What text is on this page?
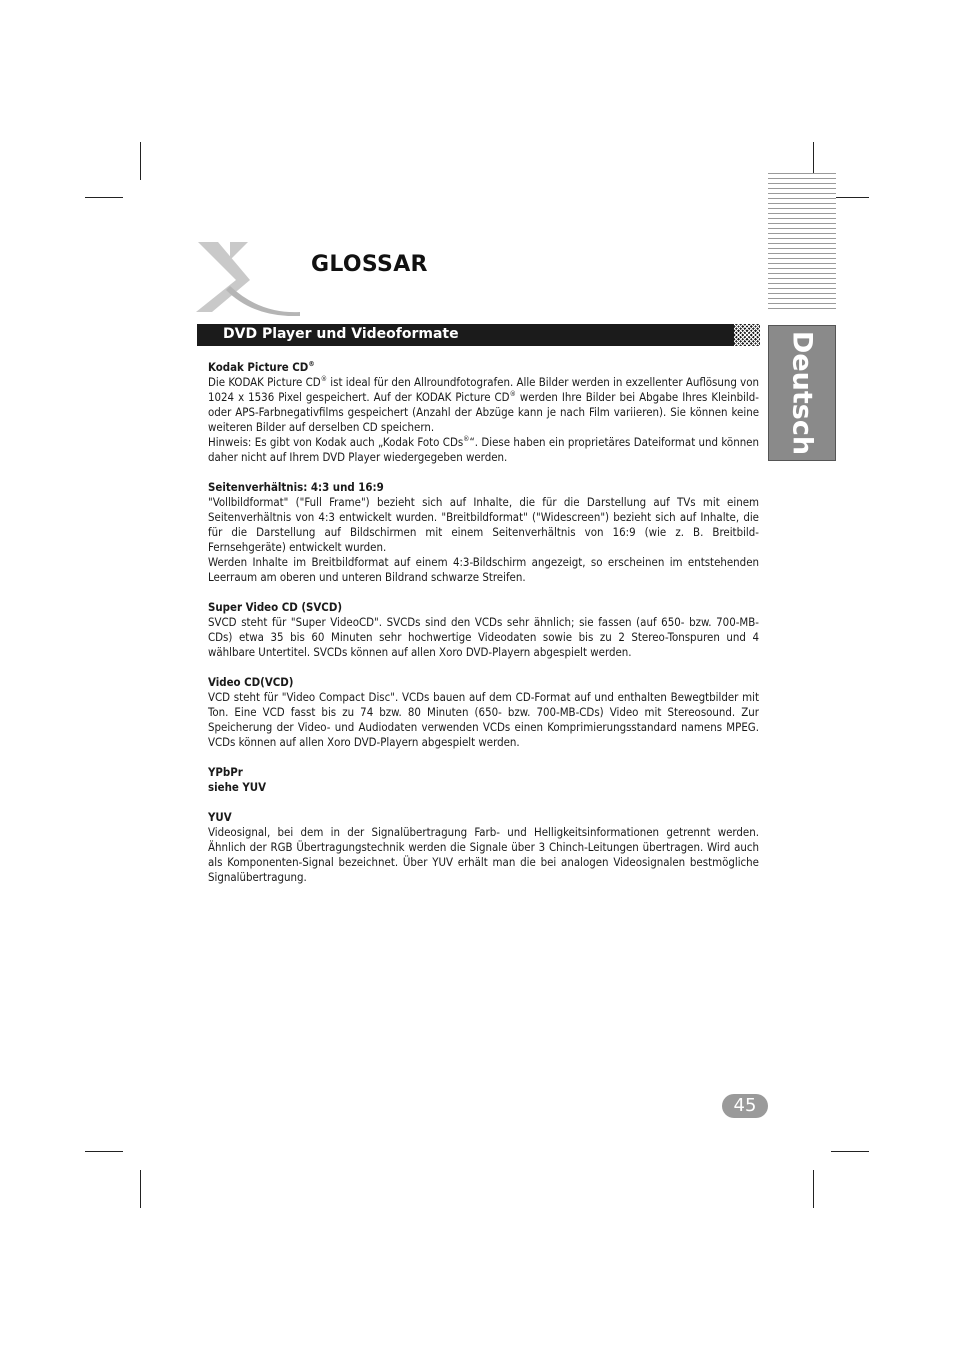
GLOSSAR
DVD Player und Videoformate	Deutsch
Kodak Picture CD®

Die KODAK Picture CD® ist ideal für den Allroundfotografen. Alle Bilder werden in exzellenter Auflösung von 1024 x 1536 Pixel gespeichert. Auf der KODAK Picture CD® werden Ihre Bilder bei Abgabe Ihres Kleinbild- oder APS-Farbnegativfilms gespeichert (Anzahl der Abzüge kann je nach Film variieren). Sie können keine weiteren Bilder auf derselben CD speichern.

Hinweis: Es gibt von Kodak auch „Kodak Foto CDs®“. Diese haben ein proprietäres Dateiformat und können daher nicht auf Ihrem DVD Player wiedergegeben werden.

Seitenverhältnis: 4:3 und 16:9

"Vollbildformat" ("Full Frame") bezieht sich auf Inhalte, die für die Darstellung auf TVs mit einem Seitenverhältnis von 4:3 entwickelt wurden. "Breitbildformat" ("Widescreen") bezieht sich auf Inhalte, die für die Darstellung auf Bildschirmen mit einem Seitenverhältnis von 16:9 (wie z. B. Breitbild-Fernsehgeräte) entwickelt wurden.

Werden Inhalte im Breitbildformat auf einem 4:3-Bildschirm angezeigt, so erscheinen im entstehenden Leerraum am oberen und unteren Bildrand schwarze Streifen.

Super Video CD (SVCD)

SVCD steht für "Super VideoCD". SVCDs sind den VCDs sehr ähnlich; sie fassen (auf 650- bzw. 700-MB-CDs) etwa 35 bis 60 Minuten sehr hochwertige Videodaten sowie bis zu 2 Stereo-Tonspuren und 4 wählbare Untertitel. SVCDs können auf allen Xoro DVD-Playern abgespielt werden.

Video CD(VCD)

VCD steht für "Video Compact Disc". VCDs bauen auf dem CD-Format auf und enthalten Bewegtbilder mit Ton. Eine VCD fasst bis zu 74 bzw. 80 Minuten (650- bzw. 700-MB-CDs) Video mit Stereosound. Zur Speicherung der Video- und Audiodaten verwenden VCDs einen Komprimierungsstandard namens MPEG. VCDs können auf allen Xoro DVD-Playern abgespielt werden.

YPbPr
siehe YUV
YUV

Videosignal, bei dem in der Signalübertragung Farb- und Helligkeitsinformationen getrennt werden. Ähnlich der RGB Übertragungstechnik werden die Signale über 3 Chinch-Leitungen übertragen. Wird auch als Komponenten-Signal bezeichnet. Über YUV erhält man die bei analogen Videosignalen bestmögliche Signalübertragung.

45
